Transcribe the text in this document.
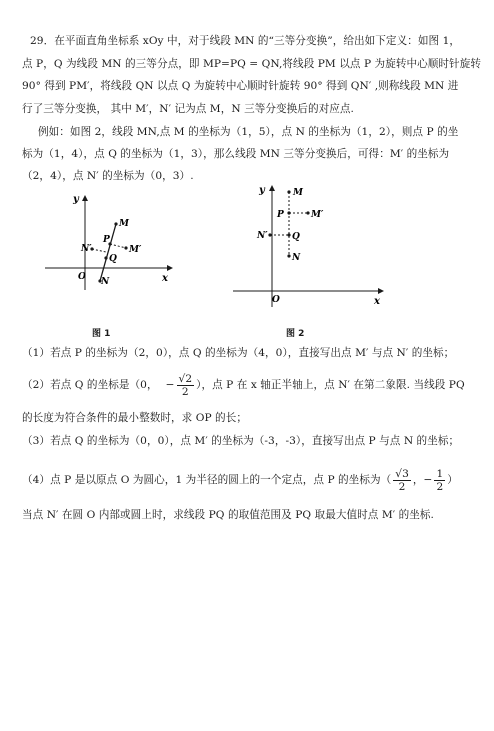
29．在平面直角坐标系 xOy 中，对于线段 MN 的“三等分变换”，给出如下定义：如图 1，
点 P，Q 为线段 MN 的三等分点，即 MP=PQ = QN,将线段 PM 以点 P 为旋转中心顺时针旋转
90° 得到 PM′，将线段 QN 以点 Q 为旋转中心顺时针旋转 90° 得到 QN′ ,则称线段 MN 进
行了三等分变换， 其中 M′，N′ 记为点 M，N 三等分变换后的对应点.
例如：如图 2，线段 MN,点 M 的坐标为（1，5），点 N 的坐标为（1，2），则点 P 的坐
标为（1，4），点 Q 的坐标为（1，3），那么线段 MN 三等分变换后，可得：M′ 的坐标为
（2，4），点 N′ 的坐标为（0，3）.
y
x
O
M
P
N′	M′
Q
N
图 1
y
x
O
M
P	M′
N′	Q
N
图 2
（1）若点 P 的坐标为（2，0），点 Q 的坐标为（4，0），直接写出点 M′ 与点 N′ 的坐标；
（2）若点 Q 的坐标是（0， − $\frac{√2}{2}$ ），点 P 在 x 轴正半轴上，点 N′ 在第二象限. 当线段 PQ
的长度为符合条件的最小整数时，求 OP 的长；
（3）若点 Q 的坐标为（0，0），点 M′ 的坐标为（-3，-3），直接写出点 P 与点 N 的坐标；
（4）点 P 是以原点 O 为圆心，1 为半径的圆上的一个定点，点 P 的坐标为（ $\frac{√3}{2}$ ，− $\frac{1}{2}$ ）
当点 N′ 在圆 O 内部或圆上时，求线段 PQ 的取值范围及 PQ 取最大值时点 M′ 的坐标.
